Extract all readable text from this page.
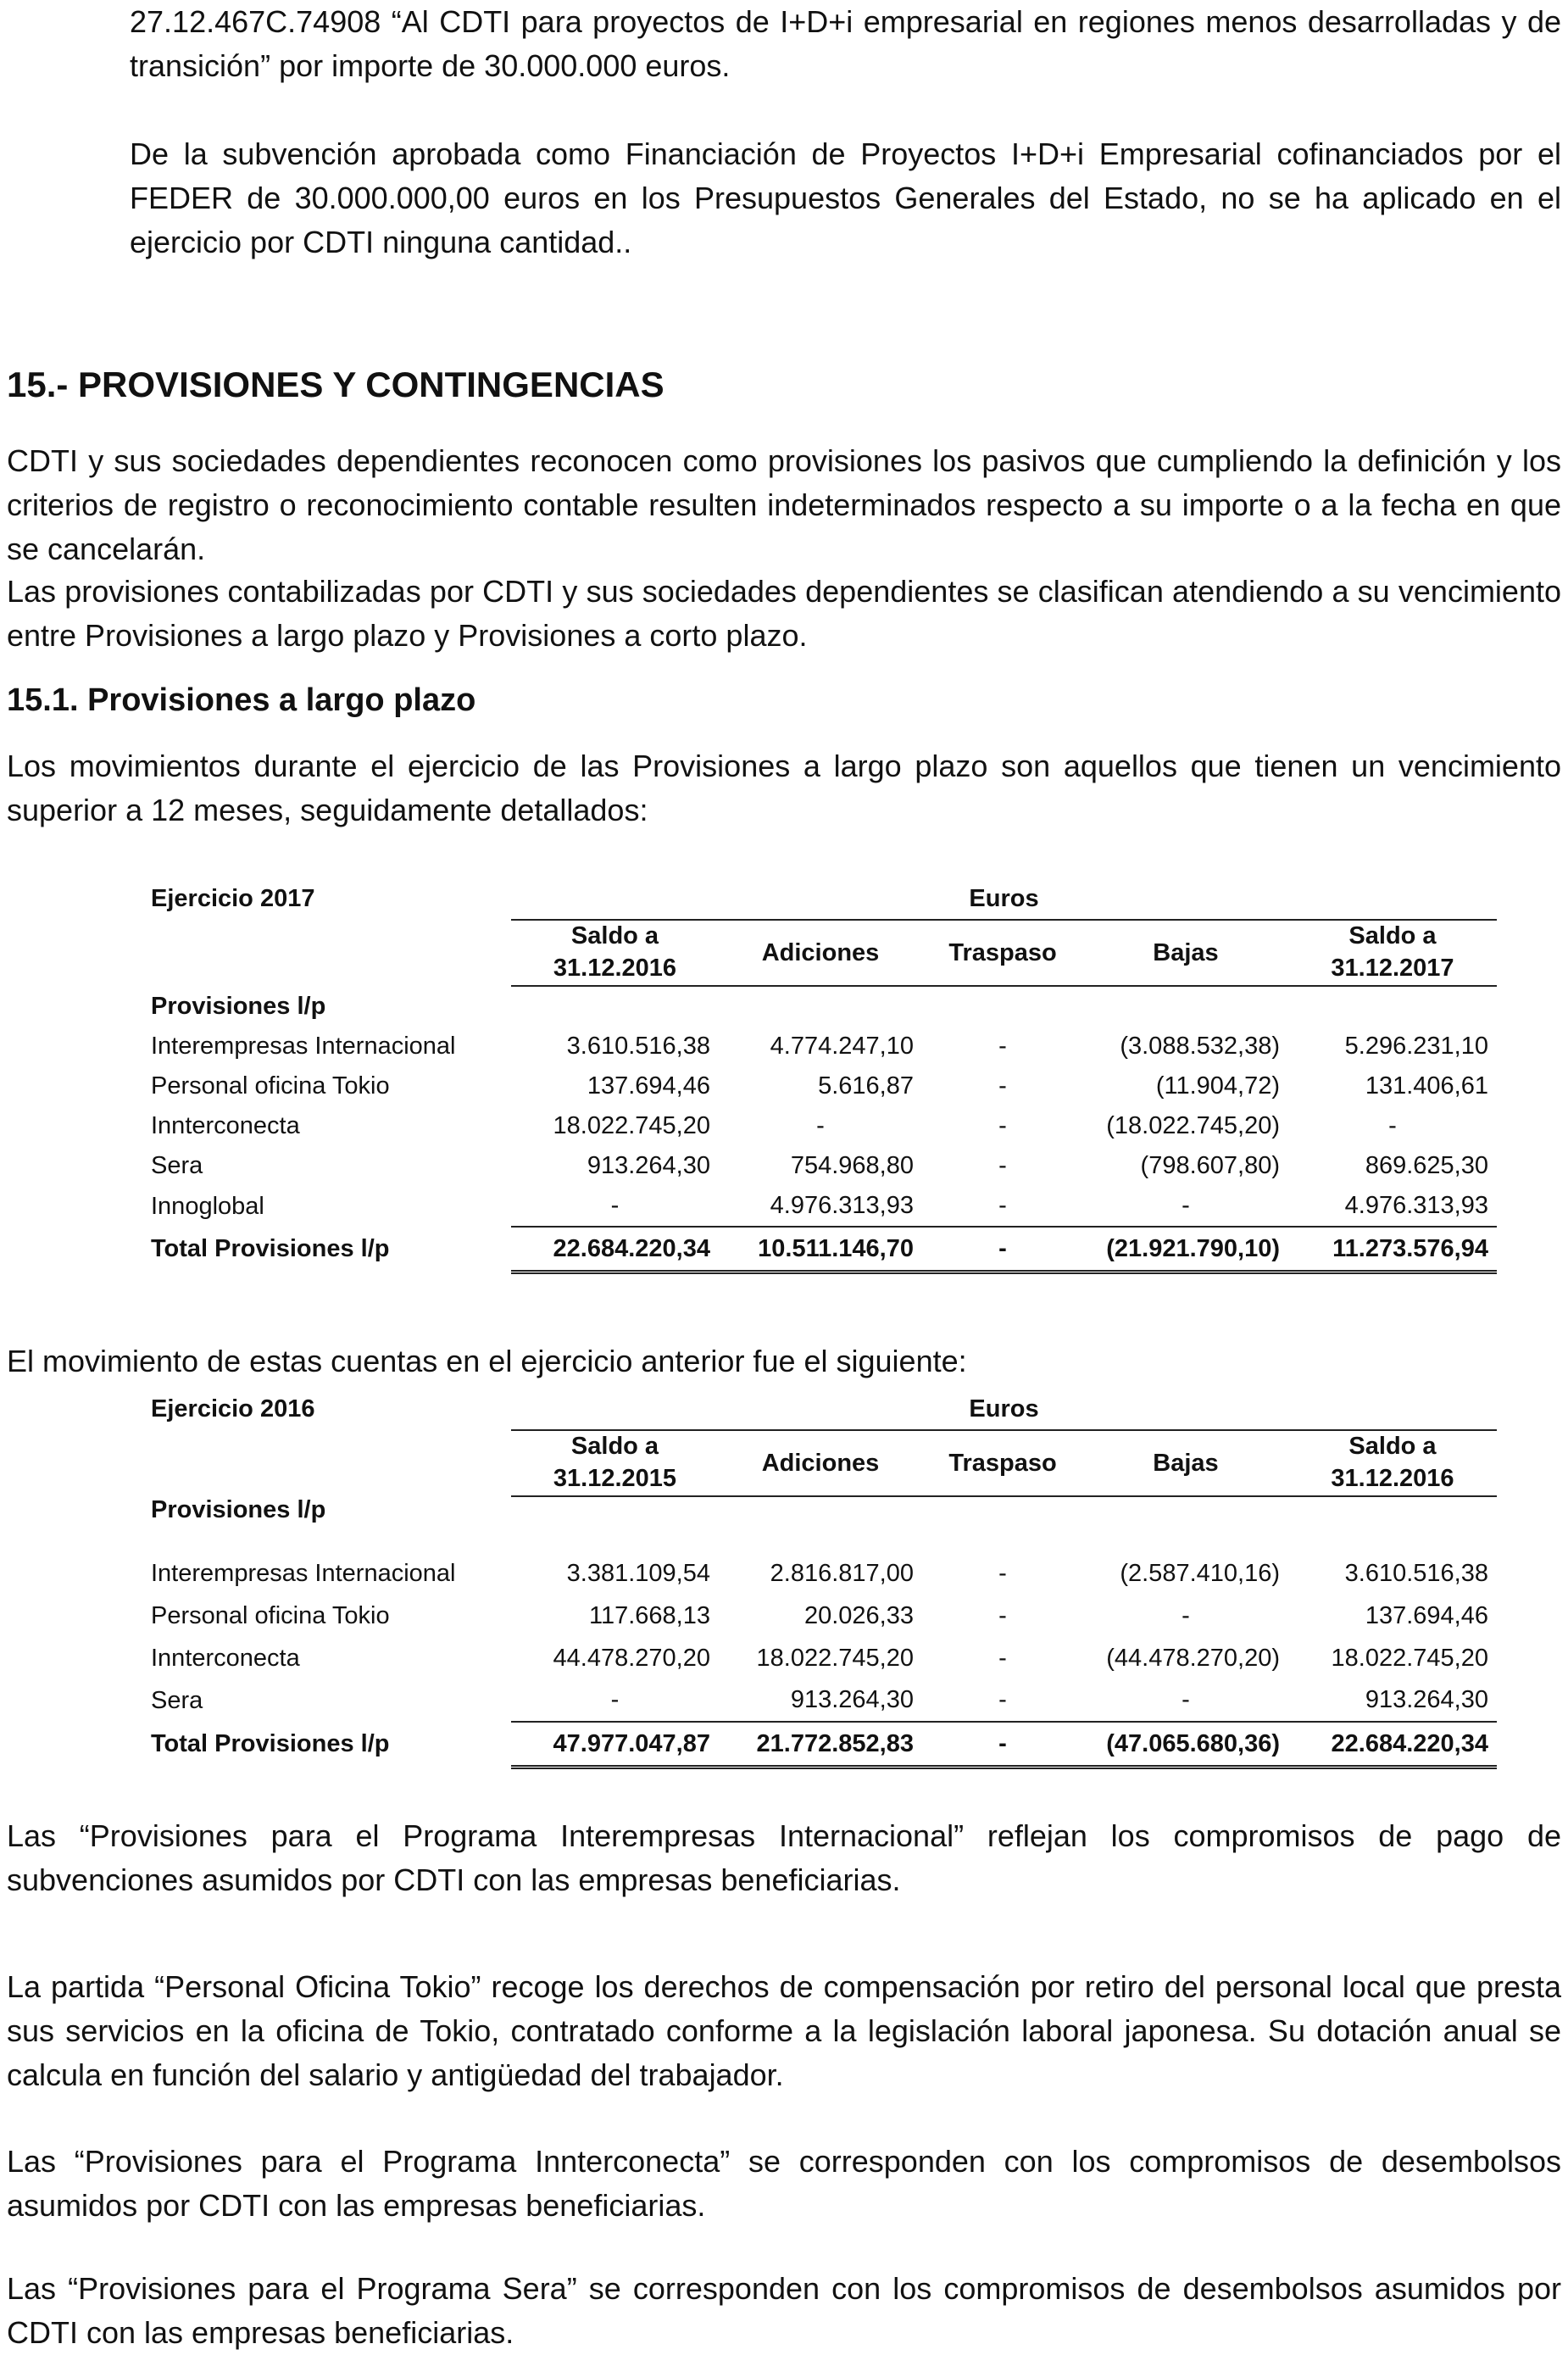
27.12.467C.74908 “Al CDTI para proyectos de I+D+i empresarial en regiones menos desarrolladas y de transición” por importe de 30.000.000 euros.

De la subvención aprobada como Financiación de Proyectos I+D+i Empresarial cofinanciados por el FEDER de 30.000.000,00 euros en los Presupuestos Generales del Estado, no se ha aplicado en el ejercicio por CDTI ninguna cantidad..

15.- PROVISIONES Y CONTINGENCIAS

CDTI y sus sociedades dependientes reconocen como provisiones los pasivos que cumpliendo la definición y los criterios de registro o reconocimiento contable resulten indeterminados respecto a su importe o a la fecha en que se cancelarán.

Las provisiones contabilizadas por CDTI y sus sociedades dependientes se clasifican atendiendo a su vencimiento entre Provisiones a largo plazo y Provisiones a corto plazo.

15.1. Provisiones a largo plazo

Los movimientos durante el ejercicio de las Provisiones a largo plazo son aquellos que tienen un vencimiento superior a 12 meses, seguidamente detallados:

Ejercicio 2017	Euros				
	Saldo a	Adiciones	Traspaso	Bajas	Saldo a
	31.12.2016				31.12.2017
Provisiones l/p					
Interempresas Internacional	3.610.516,38	4.774.247,10	-	(3.088.532,38)	5.296.231,10
Personal oficina Tokio	137.694,46	5.616,87	-	(11.904,72)	131.406,61
Innterconecta	18.022.745,20	-	-	(18.022.745,20)	-
Sera	913.264,30	754.968,80	-	(798.607,80)	869.625,30
Innoglobal	-	4.976.313,93	-	-	4.976.313,93
Total Provisiones l/p	22.684.220,34	10.511.146,70	-	(21.921.790,10)	11.273.576,94

El movimiento de estas cuentas en el ejercicio anterior fue el siguiente:

Ejercicio 2016	Euros				
	Saldo a	Adiciones	Traspaso	Bajas	Saldo a
	31.12.2015				31.12.2016
Provisiones l/p					
Interempresas Internacional	3.381.109,54	2.816.817,00	-	(2.587.410,16)	3.610.516,38
Personal oficina Tokio	117.668,13	20.026,33	-	-	137.694,46
Innterconecta	44.478.270,20	18.022.745,20	-	(44.478.270,20)	18.022.745,20
Sera	-	913.264,30	-	-	913.264,30
Total Provisiones l/p	47.977.047,87	21.772.852,83	-	(47.065.680,36)	22.684.220,34

Las “Provisiones para el Programa Interempresas Internacional” reflejan los compromisos de pago de subvenciones asumidos por CDTI con las empresas beneficiarias.

La partida “Personal Oficina Tokio” recoge los derechos de compensación por retiro del personal local que presta sus servicios en la oficina de Tokio, contratado conforme a la legislación laboral japonesa. Su dotación anual se calcula en función del salario y antigüedad del trabajador.

Las “Provisiones para el Programa Innterconecta” se corresponden con los compromisos de desembolsos asumidos por CDTI con las empresas beneficiarias.

Las “Provisiones para el Programa Sera” se corresponden con los compromisos de desembolsos asumidos por CDTI con las empresas beneficiarias.
